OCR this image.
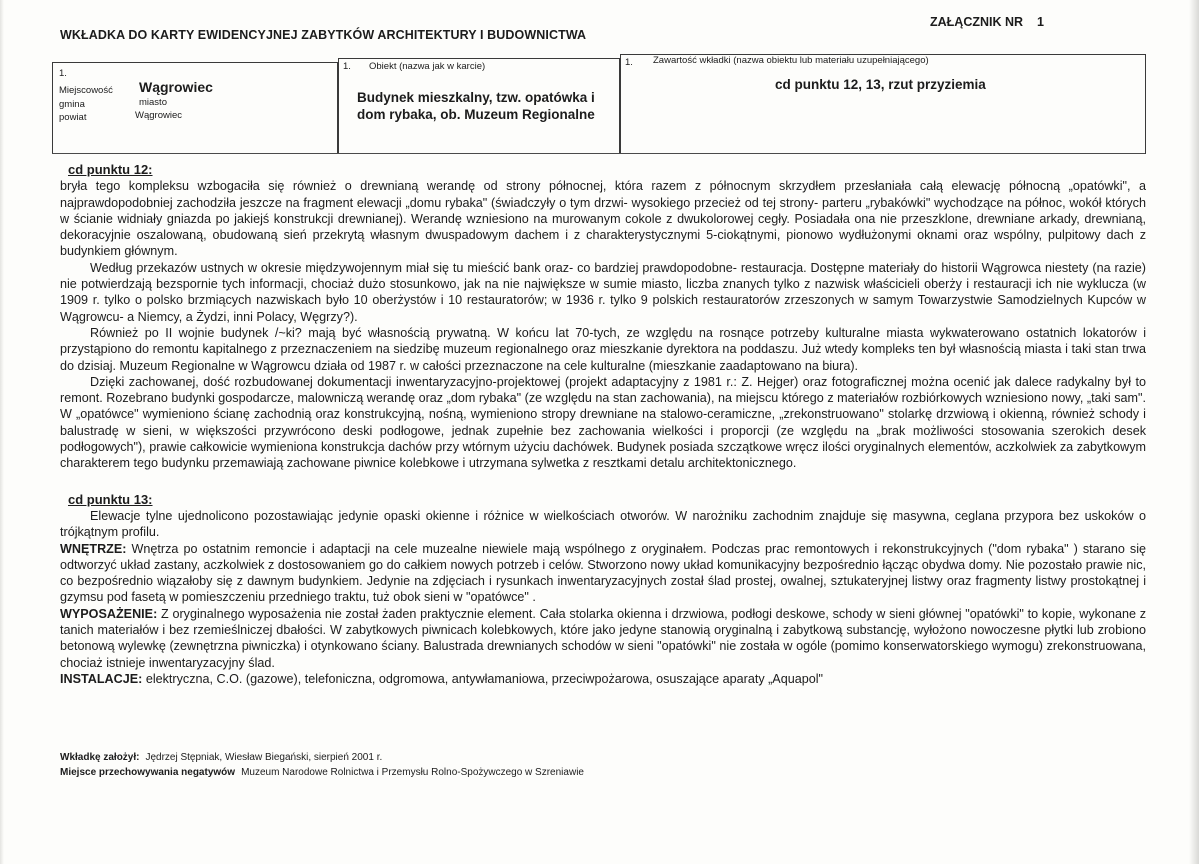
WKŁADKA DO KARTY EWIDENCYJNEJ ZABYTKÓW ARCHITEKTURY I BUDOWNICTWA
ZAŁĄCZNIK NR 1
1.
Miejscowość Wągrowiec
gmina	miasto
powiat	Wągrowiec
1. Obiekt (nazwa jak w karcie)
Budynek mieszkalny, tzw. opatówka i
dom rybaka, ob. Muzeum Regionalne
1. Zawartość wkładki (nazwa obiektu lub materiału uzupełniającego)
cd punktu 12, 13, rzut przyziemia
cd punktu 12:

bryła tego kompleksu wzbogaciła się również o drewnianą werandę od strony północnej, która razem z północnym skrzydłem przesłaniała całą elewację północną „opatówki", a najprawdopodobniej zachodziła jeszcze na fragment elewacji „domu rybaka" (świadczyły o tym drzwi- wysokiego przecież od tej strony- parteru „rybakówki" wychodzące na północ, wokół których w ścianie widniały gniazda po jakiejś konstrukcji drewnianej). Werandę wzniesiono na murowanym cokole z dwukolorowej cegły. Posiadała ona nie przeszklone, drewniane arkady, drewnianą, dekoracyjnie oszalowaną, obudowaną sień przekrytą własnym dwuspadowym dachem i z charakterystycznymi 5-ciokątnymi, pionowo wydłużonymi oknami oraz wspólny, pulpitowy dach z budynkiem głównym.

Według przekazów ustnych w okresie międzywojennym miał się tu mieścić bank oraz- co bardziej prawdopodobne- restauracja. Dostępne materiały do historii Wągrowca niestety (na razie) nie potwierdzają bezspornie tych informacji, chociaż dużo stosunkowo, jak na nie największe w sumie miasto, liczba znanych tylko z nazwisk właścicieli oberży i restauracji ich nie wyklucza (w 1909 r. tylko o polsko brzmiących nazwiskach było 10 oberżystów i 10 restauratorów; w 1936 r. tylko 9 polskich restauratorów zrzeszonych w samym Towarzystwie Samodzielnych Kupców w Wągrowcu- a Niemcy, a Żydzi, inni Polacy, Węgrzy?).

Również po II wojnie budynek /~ki? mają być własnością prywatną. W końcu lat 70-tych, ze względu na rosnące potrzeby kulturalne miasta wykwaterowano ostatnich lokatorów i przystąpiono do remontu kapitalnego z przeznaczeniem na siedzibę muzeum regionalnego oraz mieszkanie dyrektora na poddaszu. Już wtedy kompleks ten był własnością miasta i taki stan trwa do dzisiaj. Muzeum Regionalne w Wągrowcu działa od 1987 r. w całości przeznaczone na cele kulturalne (mieszkanie zaadaptowano na biura).

Dzięki zachowanej, dość rozbudowanej dokumentacji inwentaryzacyjno-projektowej (projekt adaptacyjny z 1981 r.: Z. Hejger) oraz fotograficznej można ocenić jak dalece radykalny był to remont. Rozebrano budynki gospodarcze, malowniczą werandę oraz „dom rybaka" (ze względu na stan zachowania), na miejscu którego z materiałów rozbiórkowych wzniesiono nowy, „taki sam". W „opatówce" wymieniono ścianę zachodnią oraz konstrukcyjną, nośną, wymieniono stropy drewniane na stalowo-ceramiczne, „zrekonstruowano" stolarkę drzwiową i okienną, również schody i balustradę w sieni, w większości przywrócono deski podłogowe, jednak zupełnie bez zachowania wielkości i proporcji (ze względu na „brak możliwości stosowania szerokich desek podłogowych"), prawie całkowicie wymieniona konstrukcja dachów przy wtórnym użyciu dachówek. Budynek posiada szczątkowe wręcz ilości oryginalnych elementów, aczkolwiek za zabytkowym charakterem tego budynku przemawiają zachowane piwnice kolebkowe i utrzymana sylwetka z resztkami detalu architektonicznego.

cd punktu 13:

Elewacje tylne ujednolicono pozostawiając jedynie opaski okienne i różnice w wielkościach otworów. W narożniku zachodnim znajduje się masywna, ceglana przypora bez uskoków o trójkątnym profilu.

WNĘTRZE: Wnętrza po ostatnim remoncie i adaptacji na cele muzealne niewiele mają wspólnego z oryginałem. Podczas prac remontowych i rekonstrukcyjnych ("dom rybaka" ) starano się odtworzyć układ zastany, aczkolwiek z dostosowaniem go do całkiem nowych potrzeb i celów. Stworzono nowy układ komunikacyjny bezpośrednio łącząc obydwa domy. Nie pozostało prawie nic, co bezpośrednio wiązałoby się z dawnym budynkiem. Jedynie na zdjęciach i rysunkach inwentaryzacyjnych został ślad prostej, owalnej, sztukateryjnej listwy oraz fragmenty listwy prostokątnej i gzymsu pod fasetą w pomieszczeniu przedniego traktu, tuż obok sieni w "opatówce" .

WYPOSAŻENIE: Z oryginalnego wyposażenia nie został żaden praktycznie element. Cała stolarka okienna i drzwiowa, podłogi deskowe, schody w sieni głównej "opatówki" to kopie, wykonane z tanich materiałów i bez rzemieślniczej dbałości. W zabytkowych piwnicach kolebkowych, które jako jedyne stanowią oryginalną i zabytkową substancję, wyłożono nowoczesne płytki lub zrobiono betonową wylewkę (zewnętrzna piwniczka) i otynkowano ściany. Balustrada drewnianych schodów w sieni "opatówki" nie została w ogóle (pomimo konserwatorskiego wymogu) zrekonstruowana, chociaż istnieje inwentaryzacyjny ślad.

INSTALACJE: elektryczna, C.O. (gazowe), telefoniczna, odgromowa, antywłamaniowa, przeciwpożarowa, osuszające aparaty „Aquapol"

Wkładkę założył: Jędrzej Stępniak, Wiesław Biegański, sierpień 2001 r.
Miejsce przechowywania negatywów Muzeum Narodowe Rolnictwa i Przemysłu Rolno-Spożywczego w Szreniawie
